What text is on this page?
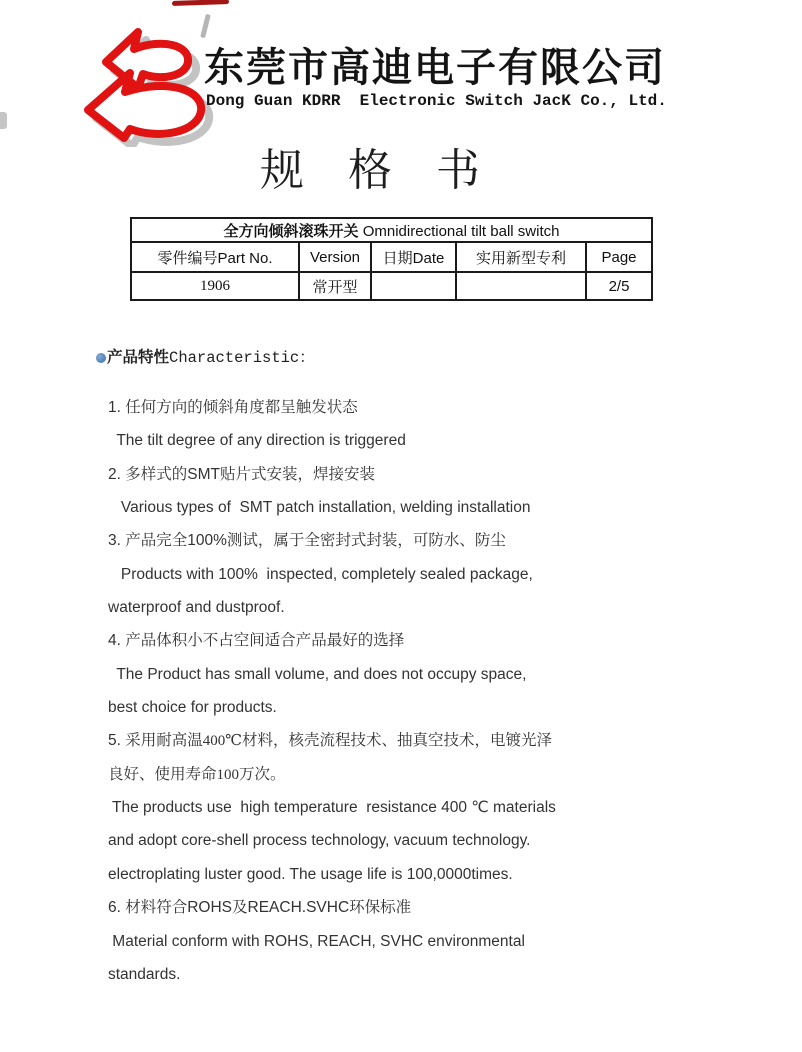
东莞市高迪电子有限公司
Dong Guan KDRR  Electronic Switch JacK Co., Ltd.
规　格　书
全方向倾斜滚珠开关 Omnidirectional tilt ball switch				
零件编号Part No.	Version	日期Date	实用新型专利	Page
1906	常开型			2/5
产品特性Characteristic：
1. 任何方向的倾斜角度都呈触发状态
The tilt degree of any direction is triggered
2. 多样式的SMT贴片式安装，焊接安装
Various types of  SMT patch installation, welding installation
3. 产品完全100%测试，属于全密封式封装，可防水、防尘
Products with 100%  inspected, completely sealed package,
waterproof and dustproof.
4. 产品体积小不占空间适合产品最好的选择
The Product has small volume, and does not occupy space,
best choice for products.
5. 采用耐高温400℃材料，核壳流程技术、抽真空技术，电镀光泽
良好、使用寿命100万次。
The products use  high temperature  resistance 400 ℃ materials
and adopt core-shell process technology, vacuum technology.
electroplating luster good. The usage life is 100,0000times.
6. 材料符合ROHS及REACH.SVHC环保标准
Material conform with ROHS, REACH, SVHC environmental
standards.
